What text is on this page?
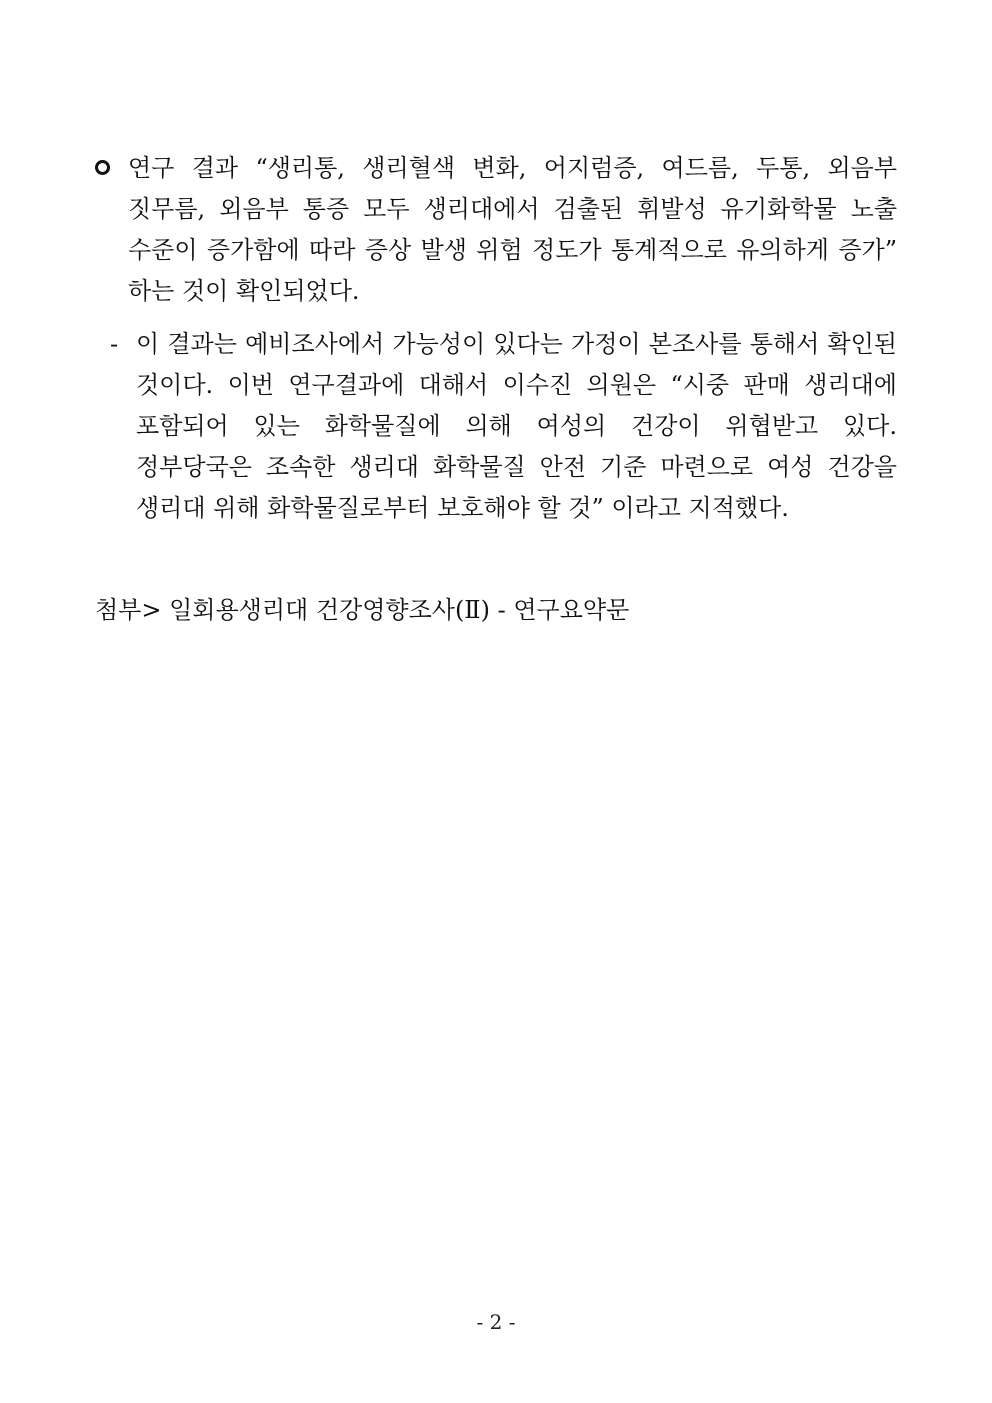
연구 결과 “생리통, 생리혈색 변화, 어지럼증, 여드름, 두통, 외음부 짓무름, 외음부 통증 모두 생리대에서 검출된 휘발성 유기화학물 노출 수준이 증가함에 따라 증상 발생 위험 정도가 통계적으로 유의하게 증가” 하는 것이 확인되었다.

- 이 결과는 예비조사에서 가능성이 있다는 가정이 본조사를 통해서 확인된 것이다. 이번 연구결과에 대해서 이수진 의원은 “시중 판매 생리대에 포함되어 있는 화학물질에 의해 여성의 건강이 위협받고 있다. 정부당국은 조속한 생리대 화학물질 안전 기준 마련으로 여성 건강을 생리대 위해 화학물질로부터 보호해야 할 것” 이라고 지적했다.

첨부> 일회용생리대 건강영향조사(Ⅱ) - 연구요약문
- 2 -
